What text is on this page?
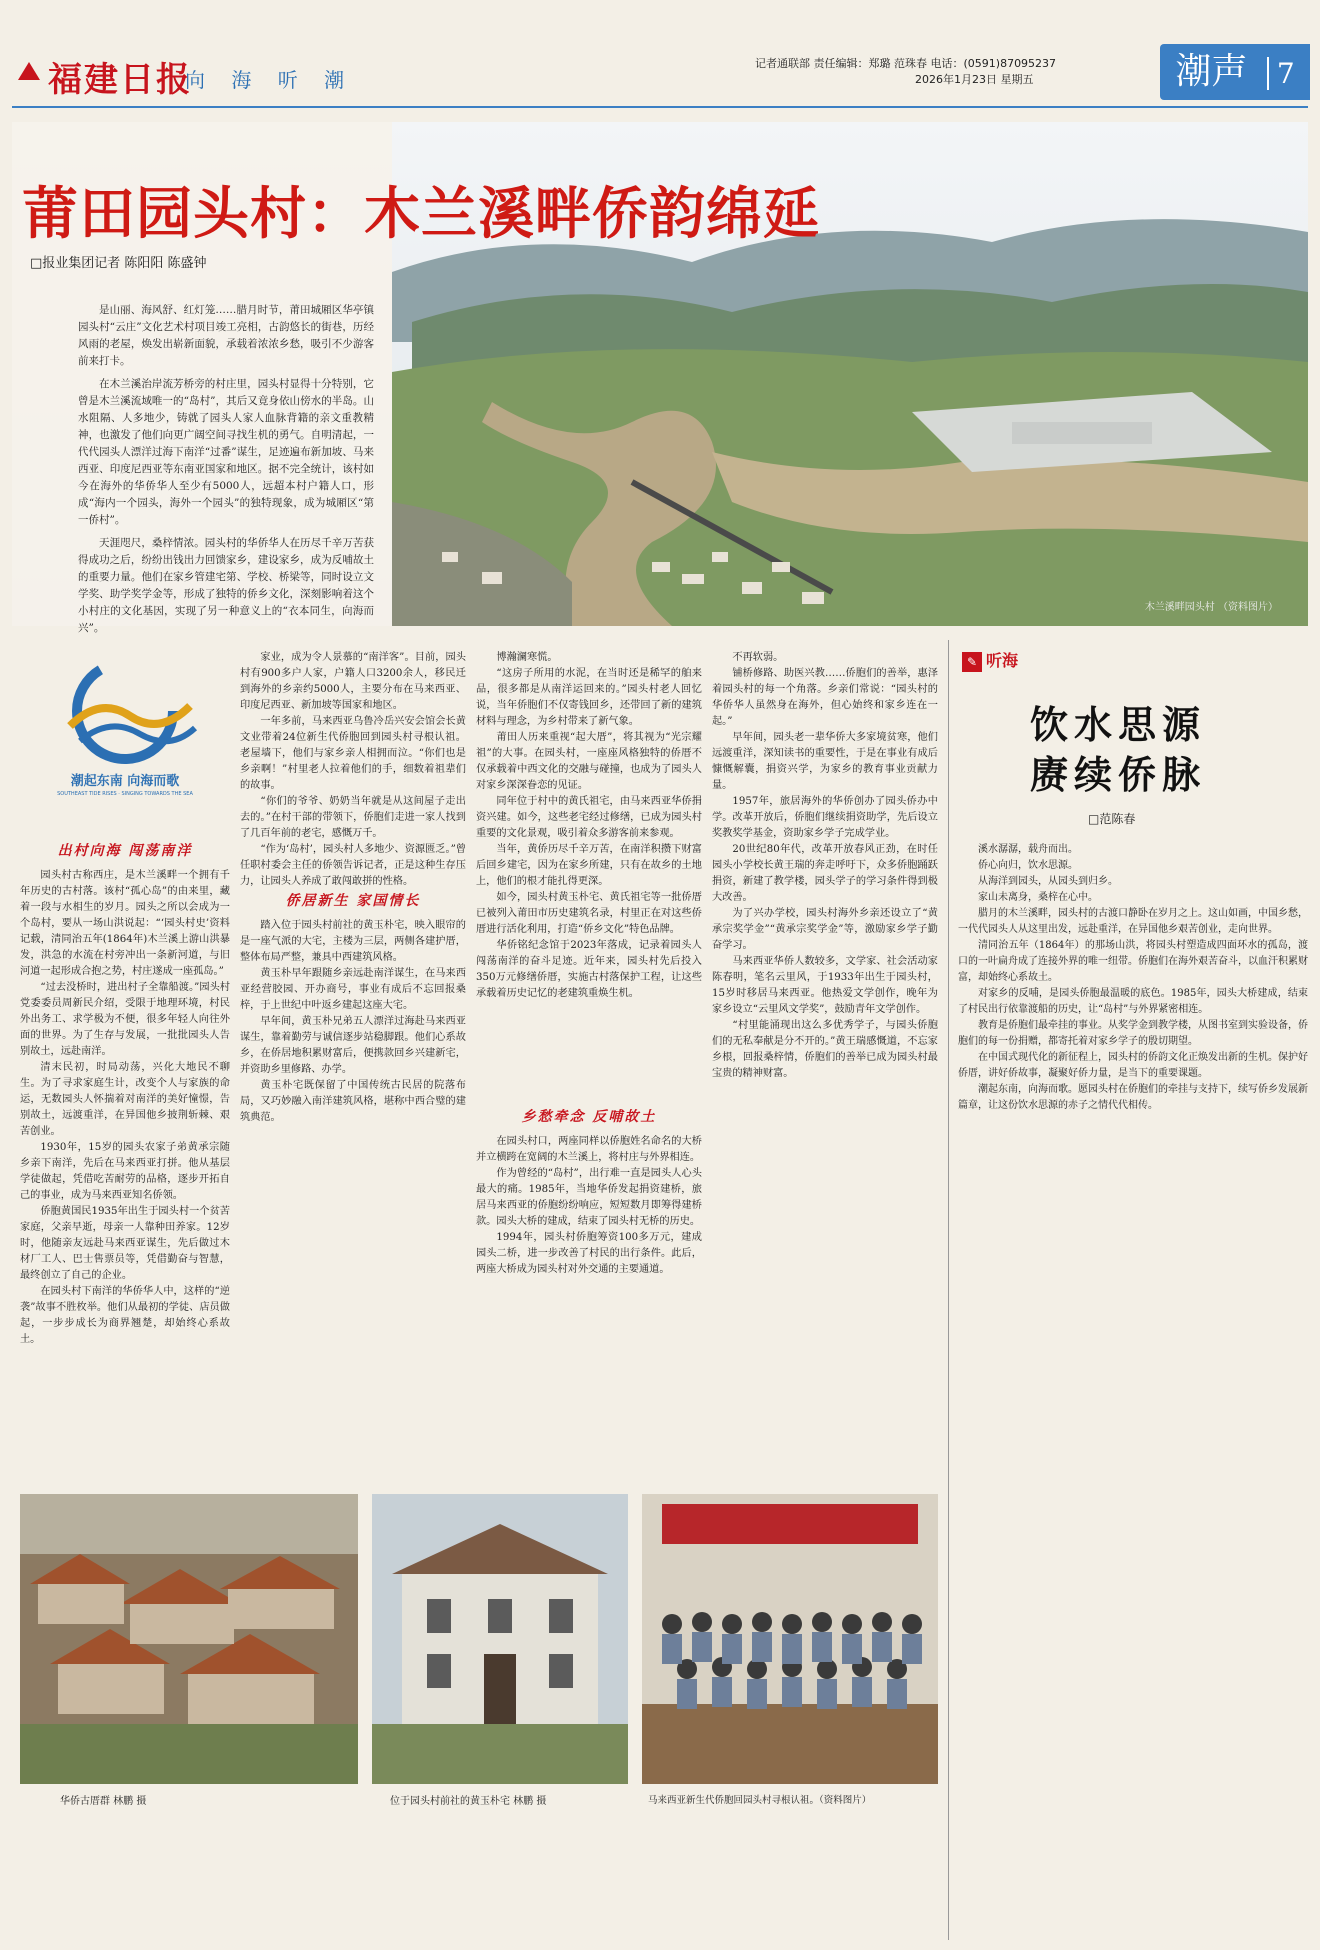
福建日报
向 海 听 潮
记者通联部 责任编辑：郑璐 范珠春 电话：(0591)87095237
2026年1月23日 星期五	潮声 7
木兰溪畔园头村 （资料图片）
莆田园头村：木兰溪畔侨韵绵延
□报业集团记者 陈阳阳 陈盛钟

是山丽、海风舒、红灯笼……腊月时节，莆田城厢区华亭镇园头村“云庄”文化艺术村项目竣工亮相，古韵悠长的街巷，历经风雨的老屋，焕发出崭新面貌，承载着浓浓乡愁，吸引不少游客前来打卡。

在木兰溪治岸流芳桥旁的村庄里，园头村显得十分特别，它曾是木兰溪流域唯一的“岛村”，其后又竟身依山傍水的半岛。山水阻隔、人多地少，铸就了园头人家人血脉背籍的亲文重教精神，也激发了他们向更广阔空间寻找生机的勇气。自明清起，一代代园头人漂洋过海下南洋“过番”谋生，足迹遍布新加坡、马来西亚、印度尼西亚等东南亚国家和地区。据不完全统计，该村如今在海外的华侨华人至少有5000人，远超本村户籍人口，形成“海内一个园头，海外一个园头”的独特现象，成为城厢区“第一侨村”。

天涯咫尺，桑梓情浓。园头村的华侨华人在历尽千辛万苦获得成功之后，纷纷出钱出力回馈家乡，建设家乡，成为反哺故土的重要力量。他们在家乡管建宅第、学校、桥梁等，同时设立文学奖、助学奖学金等，形成了独特的侨乡文化，深刻影响着这个小村庄的文化基因，实现了另一种意义上的“衣本同生，向海而兴”。

潮起东南 向海而歌
SOUTHEAST TIDE RISES · SINGING TOWARDS THE SEA
出村向海 闯荡南洋

园头村古称西庄，是木兰溪畔一个拥有千年历史的古村落。该村“孤心岛”的由来里，藏着一段与水相生的岁月。园头之所以会成为一个岛村，要从一场山洪说起：“‘园头村史’资料记载，清同治五年(1864年)木兰溪上游山洪暴发，洪急的水流在村旁冲出一条新河道，与旧河道一起形成合抱之势，村庄遂成一座孤岛。”

“过去没桥时，进出村子全靠船渡。”园头村党委委员周新民介绍，受限于地理环境，村民外出务工、求学极为不便，很多年轻人向往外面的世界。为了生存与发展，一批批园头人告别故土，远赴南洋。

清末民初，时局动荡，兴化大地民不聊生。为了寻求家庭生计，改变个人与家族的命运，无数园头人怀揣着对南洋的美好憧憬，告别故土，远渡重洋，在异国他乡披荆斩棘、艰苦创业。

1930年，15岁的园头农家子弟黄承宗随乡亲下南洋，先后在马来西亚打拼。他从基层学徒做起，凭借吃苦耐劳的品格，逐步开拓自己的事业，成为马来西亚知名侨领。

侨胞黄国民1935年出生于园头村一个贫苦家庭，父亲早逝，母亲一人靠种田养家。12岁时，他随亲友远赴马来西亚谋生，先后做过木材厂工人、巴士售票员等，凭借勤奋与智慧，最终创立了自己的企业。

在园头村下南洋的华侨华人中，这样的“逆袭”故事不胜枚举。他们从最初的学徒、店员做起，一步步成长为商界翘楚，却始终心系故土。

家业，成为令人景慕的“南洋客”。目前，园头村有900多户人家，户籍人口3200余人，移民迁到海外的乡亲约5000人，主要分布在马来西亚、印度尼西亚、新加坡等国家和地区。

一年多前，马来西亚乌鲁冷岳兴安会馆会长黄文业带着24位新生代侨胞回到园头村寻根认祖。老屋墙下，他们与家乡亲人相拥而泣。“你们也是乡亲啊！”村里老人拉着他们的手，细数着祖辈们的故事。

“你们的爷爷、奶奶当年就是从这间屋子走出去的。”在村干部的带领下，侨胞们走进一家人找到了几百年前的老宅，感慨万千。

“作为‘岛村’，园头村人多地少、资源匮乏。”曾任职村委会主任的侨领告诉记者，正是这种生存压力，让园头人养成了敢闯敢拼的性格。

侨居新生 家国情长

踏入位于园头村前社的黄玉朴宅，映入眼帘的是一座气派的大宅，主楼为三层，两侧各建护厝，整体布局严整，兼具中西建筑风格。

黄玉朴早年跟随乡亲远赴南洋谋生，在马来西亚经营胶园、开办商号，事业有成后不忘回报桑梓，于上世纪中叶返乡建起这座大宅。

早年间，黄玉朴兄弟五人漂洋过海赴马来西亚谋生，靠着勤劳与诚信逐步站稳脚跟。他们心系故乡，在侨居地积累财富后，便携款回乡兴建新宅，并资助乡里修路、办学。

黄玉朴宅既保留了中国传统古民居的院落布局，又巧妙融入南洋建筑风格，堪称中西合璧的建筑典范。

博瀚澜寒慌。

“这房子所用的水泥，在当时还是稀罕的舶来品，很多都是从南洋运回来的。”园头村老人回忆说，当年侨胞们不仅寄钱回乡，还带回了新的建筑材料与理念，为乡村带来了新气象。

莆田人历来重视“起大厝”，将其视为“光宗耀祖”的大事。在园头村，一座座风格独特的侨厝不仅承载着中西文化的交融与碰撞，也成为了园头人对家乡深深眷恋的见证。

同年位于村中的黄氏祖宅，由马来西亚华侨捐资兴建。如今，这些老宅经过修缮，已成为园头村重要的文化景观，吸引着众多游客前来参观。

当年，黄侨历尽千辛万苦，在南洋积攒下财富后回乡建宅，因为在家乡所建，只有在故乡的土地上，他们的根才能扎得更深。

如今，园头村黄玉朴宅、黄氏祖宅等一批侨厝已被列入莆田市历史建筑名录，村里正在对这些侨厝进行活化利用，打造“侨乡文化”特色品牌。

华侨铭纪念馆于2023年落成，记录着园头人闯荡南洋的奋斗足迹。近年来，园头村先后投入350万元修缮侨厝，实施古村落保护工程，让这些承载着历史记忆的老建筑重焕生机。

乡愁牵念 反哺故土

在园头村口，两座同样以侨胞姓名命名的大桥并立横跨在宽阔的木兰溪上，将村庄与外界相连。

作为曾经的“岛村”，出行难一直是园头人心头最大的痛。1985年，当地华侨发起捐资建桥，旅居马来西亚的侨胞纷纷响应，短短数月即筹得建桥款。园头大桥的建成，结束了园头村无桥的历史。

1994年，园头村侨胞筹资100多万元，建成园头二桥，进一步改善了村民的出行条件。此后，两座大桥成为园头村对外交通的主要通道。

不再软弱。

铺桥修路、助医兴教……侨胞们的善举，惠泽着园头村的每一个角落。乡亲们常说：“园头村的华侨华人虽然身在海外，但心始终和家乡连在一起。”

早年间，园头老一辈华侨大多家境贫寒，他们远渡重洋，深知读书的重要性，于是在事业有成后慷慨解囊，捐资兴学，为家乡的教育事业贡献力量。

1957年，旅居海外的华侨创办了园头侨办中学。改革开放后，侨胞们继续捐资助学，先后设立奖教奖学基金，资助家乡学子完成学业。

20世纪80年代，改革开放春风正劲，在时任园头小学校长黄王瑞的奔走呼吁下，众多侨胞踊跃捐资，新建了教学楼，园头学子的学习条件得到极大改善。

为了兴办学校，园头村海外乡亲还设立了“黄承宗奖学金”“黄承宗奖学金”等，激励家乡学子勤奋学习。

马来西亚华侨人数较多，文学家、社会活动家陈春明，笔名云里风，于1933年出生于园头村，15岁时移居马来西亚。他热爱文学创作，晚年为家乡设立“云里风文学奖”，鼓励青年文学创作。

“村里能涌现出这么多优秀学子，与园头侨胞们的无私奉献是分不开的。”黄王瑞感慨道，不忘家乡根，回报桑梓情，侨胞们的善举已成为园头村最宝贵的精神财富。

✎ 听海
饮水思源
赓续侨脉
□范陈春

溪水潺潺，载舟而出。

侨心向归，饮水思源。

从海洋到园头，从园头到归乡。

家山未离身，桑梓在心中。

腊月的木兰溪畔，园头村的古渡口静卧在岁月之上。这山如画，中国乡愁，一代代园头人从这里出发，远赴重洋，在异国他乡艰苦创业，走向世界。

清同治五年（1864年）的那场山洪，将园头村塑造成四面环水的孤岛，渡口的一叶扁舟成了连接外界的唯一纽带。侨胞们在海外艰苦奋斗，以血汗积累财富，却始终心系故土。

对家乡的反哺，是园头侨胞最温暖的底色。1985年，园头大桥建成，结束了村民出行依靠渡船的历史，让“岛村”与外界紧密相连。

教育是侨胞们最牵挂的事业。从奖学金到教学楼，从图书室到实验设备，侨胞们的每一份捐赠，都寄托着对家乡学子的殷切期望。

在中国式现代化的新征程上，园头村的侨韵文化正焕发出新的生机。保护好侨厝，讲好侨故事，凝聚好侨力量，是当下的重要课题。

潮起东南，向海而歌。愿园头村在侨胞们的牵挂与支持下，续写侨乡发展新篇章，让这份饮水思源的赤子之情代代相传。

华侨古厝群 林鹏 摄	位于园头村前社的黄玉朴宅 林鹏 摄	马来西亚新生代侨胞回园头村寻根认祖。（资料图片）
